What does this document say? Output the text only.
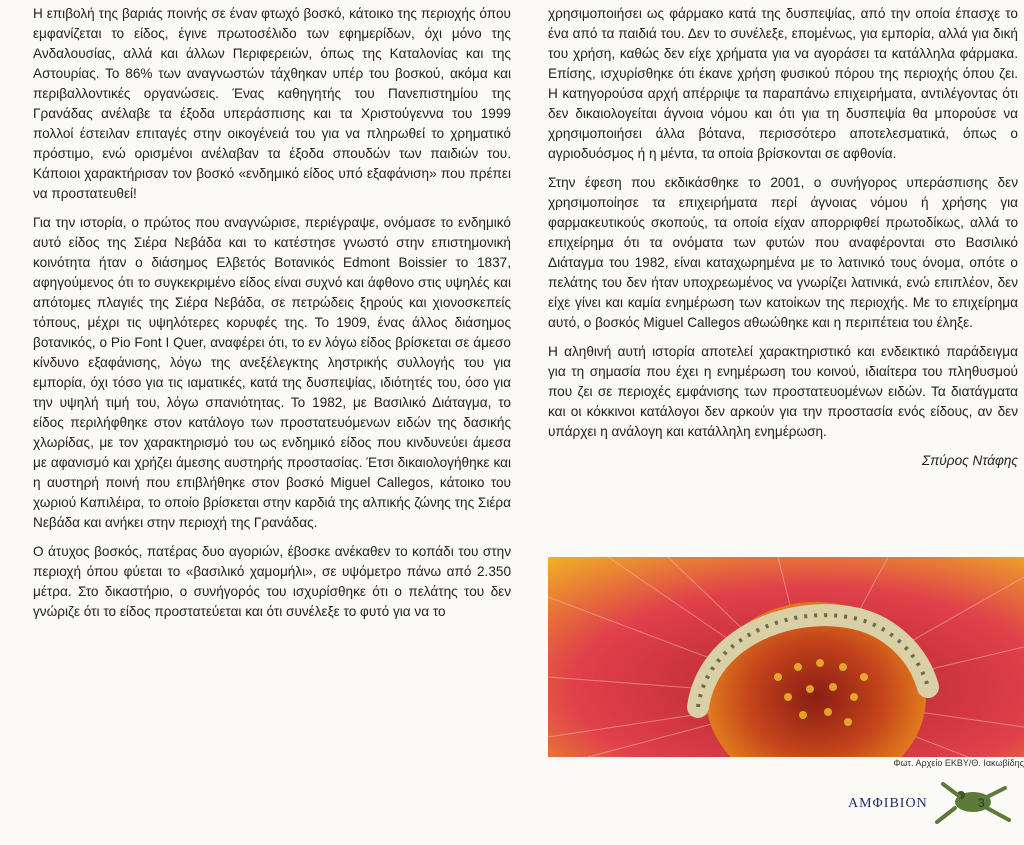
Η επιβολή της βαριάς ποινής σε έναν φτωχό βοσκό, κάτοικο της περιοχής όπου εμφανίζεται το είδος, έγινε πρωτοσέλιδο των εφημερίδων, όχι μόνο της Ανδαλουσίας, αλλά και άλλων Περιφερειών, όπως της Καταλονίας και της Αστουρίας. Το 86% των αναγνωστών τάχθηκαν υπέρ του βοσκού, ακόμα και περιβαλλοντικές οργανώσεις. Ένας καθηγητής του Πανεπιστημίου της Γρανάδας ανέλαβε τα έξοδα υπεράσπισης και τα Χριστούγεννα του 1999 πολλοί έστειλαν επιταγές στην οικογένειά του για να πληρωθεί το χρηματικό πρόστιμο, ενώ ορισμένοι ανέλαβαν τα έξοδα σπουδών των παιδιών του. Κάποιοι χαρακτήρισαν τον βοσκό «ενδημικό είδος υπό εξαφάνιση» που πρέπει να προστατευθεί!

Για την ιστορία, ο πρώτος που αναγνώρισε, περιέγραψε, ονόμασε το ενδημικό αυτό είδος της Σιέρα Νεβάδα και το κατέστησε γνωστό στην επιστημονική κοινότητα ήταν ο διάσημος Ελβετός Βοτανικός Edmont Boissier το 1837, αφηγούμενος ότι το συγκεκριμένο είδος είναι συχνό και άφθονο στις υψηλές και απότομες πλαγιές της Σιέρα Νεβάδα, σε πετρώδεις ξηρούς και χιονοσκεπείς τόπους, μέχρι τις υψηλότερες κορυφές της. Το 1909, ένας άλλος διάσημος βοτανικός, ο Pio Font I Quer, αναφέρει ότι, το εν λόγω είδος βρίσκεται σε άμεσο κίνδυνο εξαφάνισης, λόγω της ανεξέλεγκτης ληστρικής συλλογής του για εμπορία, όχι τόσο για τις ιαματικές, κατά της δυσπεψίας, ιδιότητές του, όσο για την υψηλή τιμή του, λόγω σπανιότητας. Το 1982, με Βασιλικό Διάταγμα, το είδος περιλήφθηκε στον κατάλογο των προστατευόμενων ειδών της δασικής χλωρίδας, με τον χαρακτηρισμό του ως ενδημικό είδος που κινδυνεύει άμεσα με αφανισμό και χρήζει άμεσης αυστηρής προστασίας. Έτσι δικαιολογήθηκε και η αυστηρή ποινή που επιβλήθηκε στον βοσκό Miguel Callegos, κάτοικο του χωριού Καπιλέιρα, το οποίο βρίσκεται στην καρδιά της αλπικής ζώνης της Σιέρα Νεβάδα και ανήκει στην περιοχή της Γρανάδας.

Ο άτυχος βοσκός, πατέρας δυο αγοριών, έβοσκε ανέκαθεν το κοπάδι του στην περιοχή όπου φύεται το «βασιλικό χαμομήλι», σε υψόμετρο πάνω από 2.350 μέτρα. Στο δικαστήριο, ο συνήγορός του ισχυρίσθηκε ότι ο πελάτης του δεν γνώριζε ότι το είδος προστατεύεται και ότι συνέλεξε το φυτό για να το

χρησιμοποιήσει ως φάρμακο κατά της δυσπεψίας, από την οποία έπασχε το ένα από τα παιδιά του. Δεν το συνέλεξε, επομένως, για εμπορία, αλλά για δική του χρήση, καθώς δεν είχε χρήματα για να αγοράσει τα κατάλληλα φάρμακα. Επίσης, ισχυρίσθηκε ότι έκανε χρήση φυσικού πόρου της περιοχής όπου ζει. Η κατηγορούσα αρχή απέρριψε τα παραπάνω επιχειρήματα, αντιλέγοντας ότι δεν δικαιολογείται άγνοια νόμου και ότι για τη δυσπεψία θα μπορούσε να χρησιμοποιήσει άλλα βότανα, περισσότερο αποτελεσματικά, όπως ο αγριοδυόσμος ή η μέντα, τα οποία βρίσκονται σε αφθονία.

Στην έφεση που εκδικάσθηκε το 2001, ο συνήγορος υπεράσπισης δεν χρησιμοποίησε τα επιχειρήματα περί άγνοιας νόμου ή χρήσης για φαρμακευτικούς σκοπούς, τα οποία είχαν απορριφθεί πρωτοδίκως, αλλά το επιχείρημα ότι τα ονόματα των φυτών που αναφέρονται στο Βασιλικό Διάταγμα του 1982, είναι καταχωρημένα με το λατινικό τους όνομα, οπότε ο πελάτης του δεν ήταν υποχρεωμένος να γνωρίζει λατινικά, ενώ επιπλέον, δεν είχε γίνει και καμία ενημέρωση των κατοίκων της περιοχής. Με το επιχείρημα αυτό, ο βοσκός Miguel Callegos αθωώθηκε και η περιπέτεια του έληξε.

Η αληθινή αυτή ιστορία αποτελεί χαρακτηριστικό και ενδεικτικό παράδειγμα για τη σημασία που έχει η ενημέρωση του κοινού, ιδιαίτερα του πληθυσμού που ζει σε περιοχές εμφάνισης των προστατευομένων ειδών. Τα διατάγματα και οι κόκκινοι κατάλογοι δεν αρκούν για την προστασία ενός είδους, αν δεν υπάρχει η ανάλογη και κατάλληλη ενημέρωση.

Σπύρος Ντάφης

Φωτ. Αρχείο ΕΚΒΥ/Θ. Ιακωβίδης
ΑΜΦΙΒΙΟΝ	3
